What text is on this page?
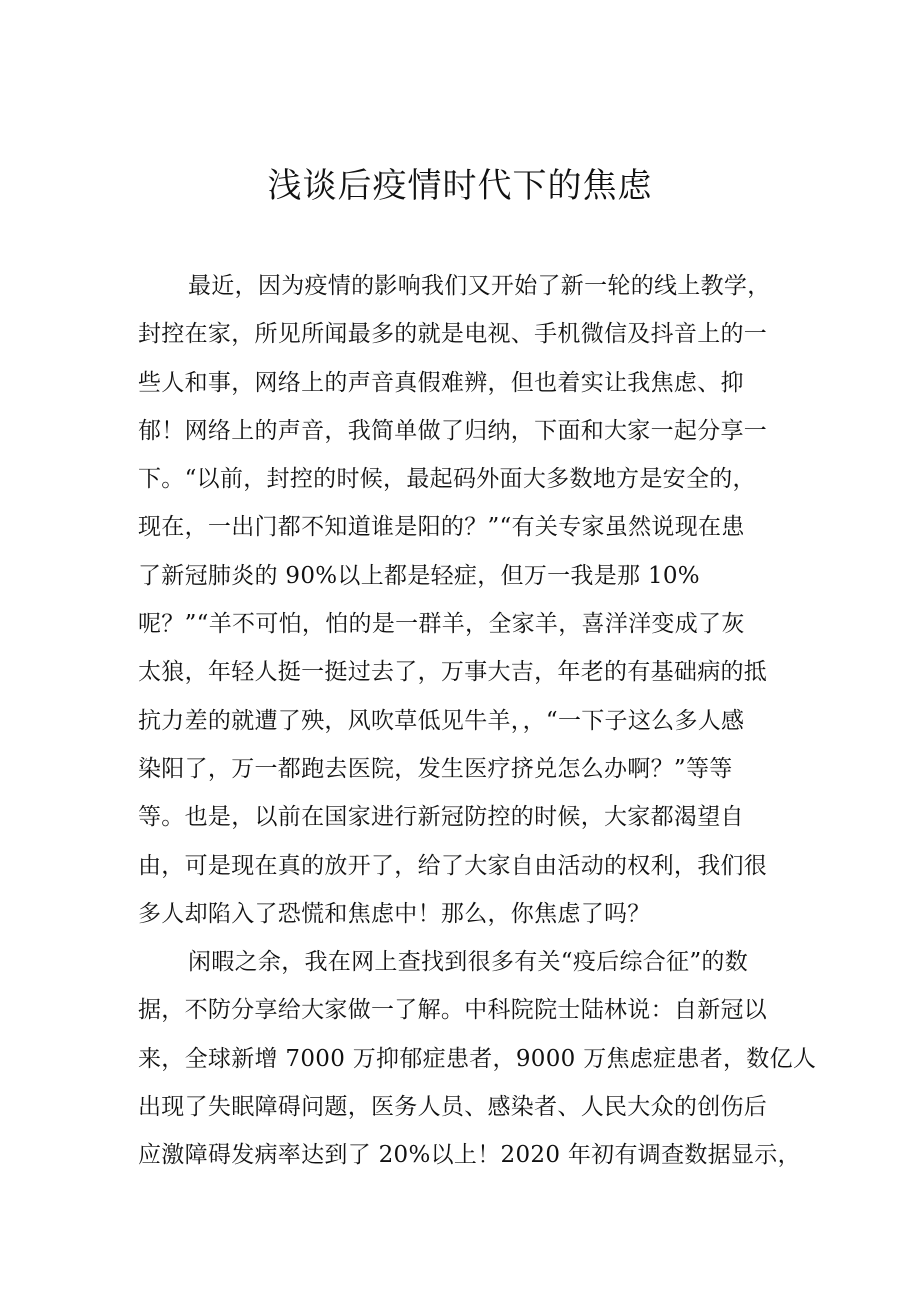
浅谈后疫情时代下的焦虑
最近，因为疫情的影响我们又开始了新一轮的线上教学，
封控在家，所见所闻最多的就是电视、手机微信及抖音上的一
些人和事，网络上的声音真假难辨，但也着实让我焦虑、抑
郁！网络上的声音，我简单做了归纳，下面和大家一起分享一
下。“以前，封控的时候，最起码外面大多数地方是安全的，
现在，一出门都不知道谁是阳的？”“有关专家虽然说现在患
了新冠肺炎的 90%以上都是轻症，但万一我是那 10%
呢？”“羊不可怕，怕的是一群羊，全家羊，喜洋洋变成了灰
太狼，年轻人挺一挺过去了，万事大吉，年老的有基础病的抵
抗力差的就遭了殃，风吹草低见牛羊，，“一下子这么多人感
染阳了，万一都跑去医院，发生医疗挤兑怎么办啊？”等等
等。也是，以前在国家进行新冠防控的时候，大家都渴望自
由，可是现在真的放开了，给了大家自由活动的权利，我们很
多人却陷入了恐慌和焦虑中！那么，你焦虑了吗？
闲暇之余，我在网上查找到很多有关“疫后综合征”的数
据，不防分享给大家做一了解。中科院院士陆林说：自新冠以
来，全球新增 7000 万抑郁症患者，9000 万焦虑症患者，数亿人
出现了失眠障碍问题，医务人员、感染者、人民大众的创伤后
应激障碍发病率达到了 20%以上！2020 年初有调查数据显示，
